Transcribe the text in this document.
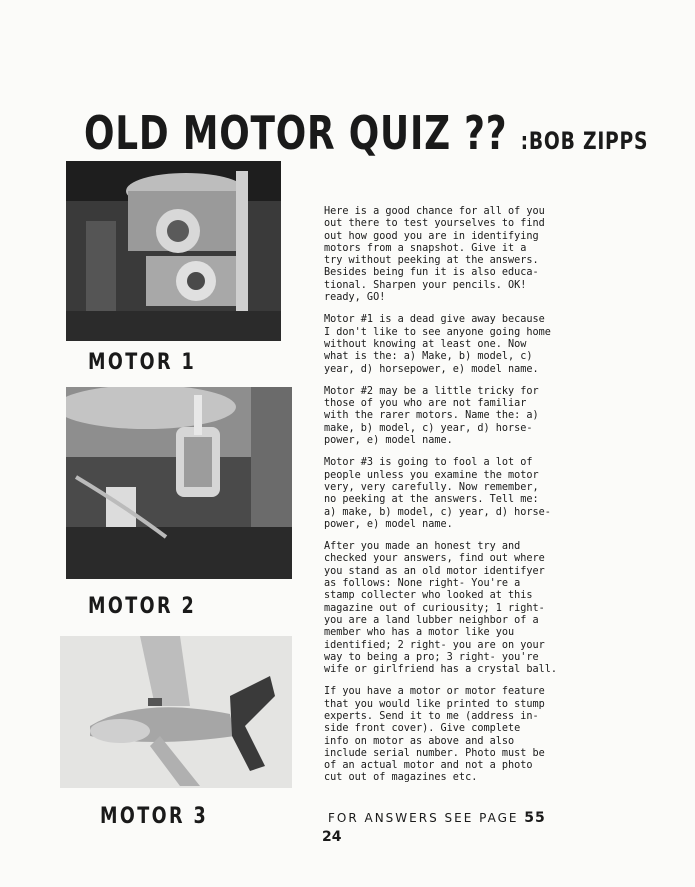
OLD MOTOR QUIZ ?? :BOB ZIPPS
MOTOR 1
MOTOR 2
MOTOR 3

Here is a good chance for all of you
out there to test yourselves to find
out how good you are in identifying
motors from a snapshot. Give it a
try without peeking at the answers.
Besides being fun it is also educa-
tional. Sharpen your pencils. OK!
ready, GO!

Motor #1 is a dead give away because
I don't like to see anyone going home
without knowing at least one. Now
what is the: a) Make, b) model, c)
year, d) horsepower, e) model name.

Motor #2 may be a little tricky for
those of you who are not familiar
with the rarer motors. Name the: a)
make, b) model, c) year, d) horse-
power, e) model name.

Motor #3 is going to fool a lot of
people unless you examine the motor
very, very carefully. Now remember,
no peeking at the answers. Tell me:
a) make, b) model, c) year, d) horse-
power, e) model name.

After you made an honest try and
checked your answers, find out where
you stand as an old motor identifyer
as follows: None right- You're a
stamp collecter who looked at this
magazine out of curiousity; 1 right-
you are a land lubber neighbor of a
member who has a motor like you
identified; 2 right- you are on your
way to being a pro; 3 right- you're
wife or girlfriend has a crystal ball.

If you have a motor or motor feature
that you would like printed to stump
experts. Send it to me (address in-
side front cover). Give complete
info on motor as above and also
include serial number. Photo must be
of an actual motor and not a photo
cut out of magazines etc.

FOR ANSWERS SEE PAGE 55
24
